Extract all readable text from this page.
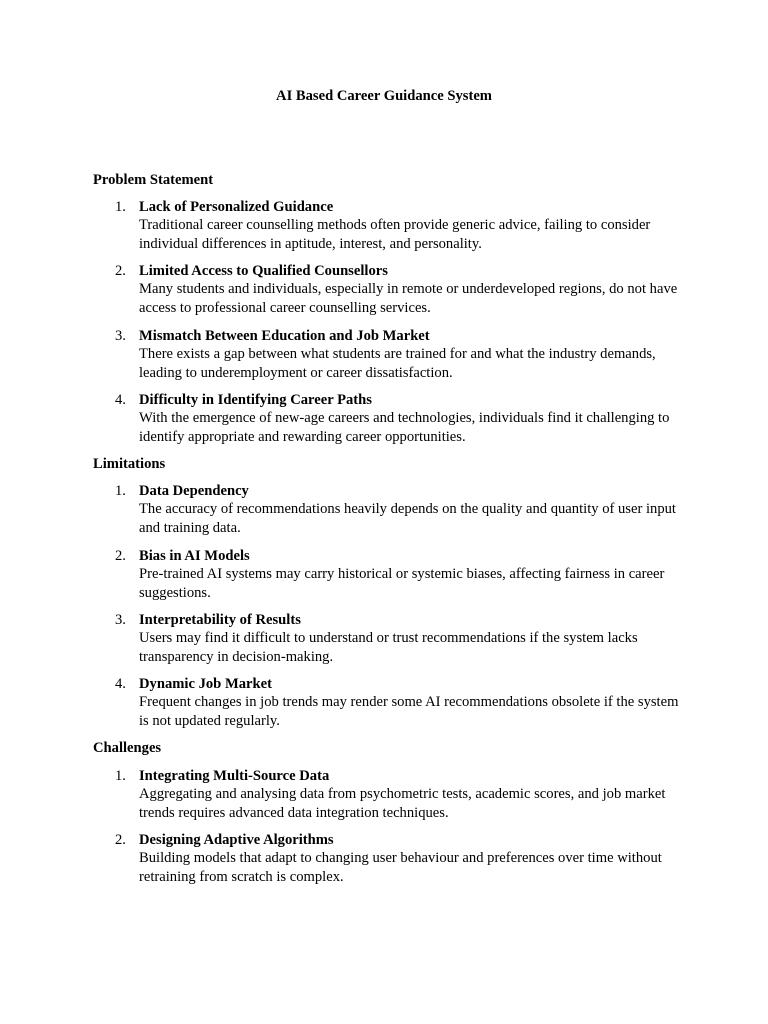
AI Based Career Guidance System
Problem Statement
1. Lack of Personalized Guidance
Traditional career counselling methods often provide generic advice, failing to consider individual differences in aptitude, interest, and personality.
2. Limited Access to Qualified Counsellors
Many students and individuals, especially in remote or underdeveloped regions, do not have access to professional career counselling services.
3. Mismatch Between Education and Job Market
There exists a gap between what students are trained for and what the industry demands, leading to underemployment or career dissatisfaction.
4. Difficulty in Identifying Career Paths
With the emergence of new-age careers and technologies, individuals find it challenging to identify appropriate and rewarding career opportunities.
Limitations
1. Data Dependency
The accuracy of recommendations heavily depends on the quality and quantity of user input and training data.
2. Bias in AI Models
Pre-trained AI systems may carry historical or systemic biases, affecting fairness in career suggestions.
3. Interpretability of Results
Users may find it difficult to understand or trust recommendations if the system lacks transparency in decision-making.
4. Dynamic Job Market
Frequent changes in job trends may render some AI recommendations obsolete if the system is not updated regularly.
Challenges
1. Integrating Multi-Source Data
Aggregating and analysing data from psychometric tests, academic scores, and job market trends requires advanced data integration techniques.
2. Designing Adaptive Algorithms
Building models that adapt to changing user behaviour and preferences over time without retraining from scratch is complex.
